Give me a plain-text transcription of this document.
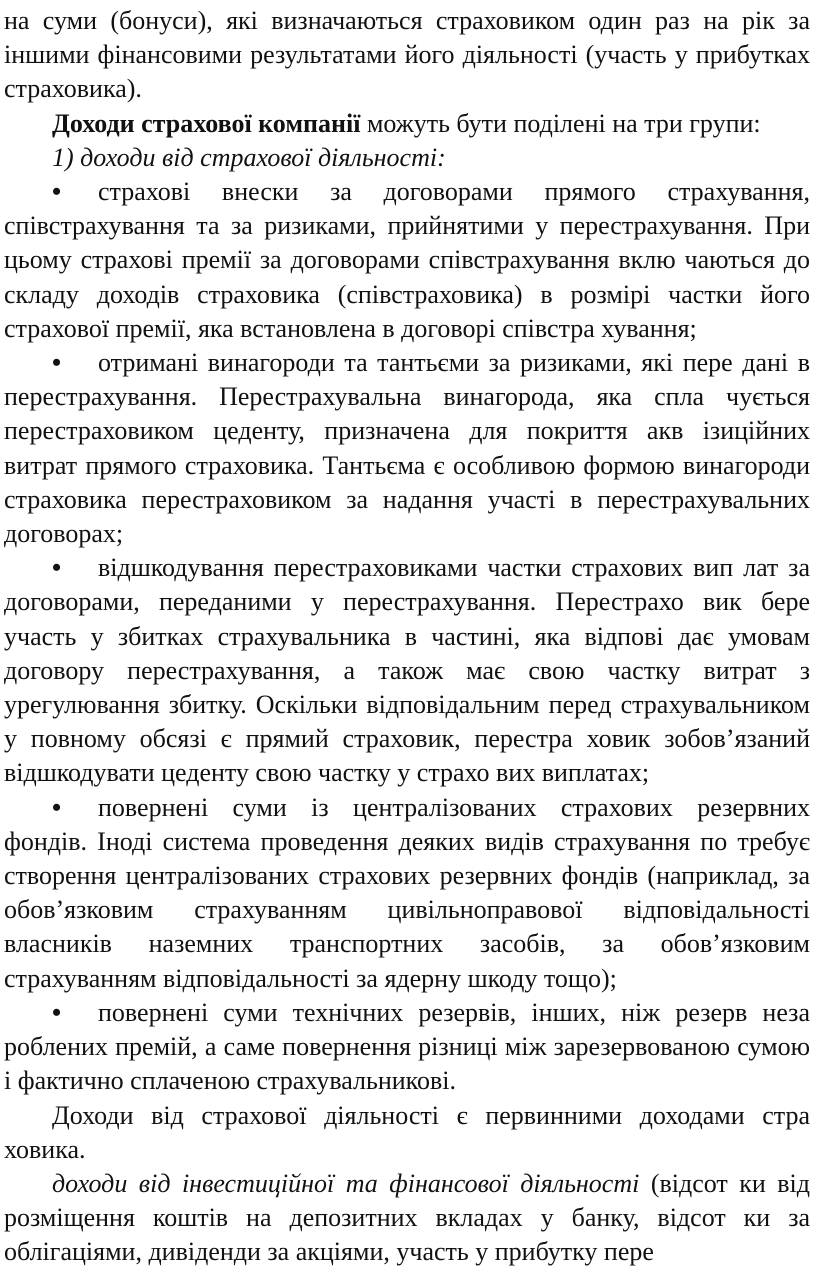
на суми (бонуси), які визначаються страховиком один раз на рік за іншими фінансовими результатами його діяльності (участь у прибутках страховика).

Доходи страхової компанії можуть бути поділені на три групи:

1) доходи від страхової діяльності:

• страхові внески за договорами прямого страхування, співстрахування та за ризиками, прийнятими у перестрахування. При цьому страхові премії за договорами співстрахування вклю чаються до складу доходів страховика (співстраховика) в розмірі частки його страхової премії, яка встановлена в договорі співстра хування;

• отримані винагороди та тантьєми за ризиками, які пере дані в перестрахування. Перестрахувальна винагорода, яка спла чується перестраховиком цеденту, призначена для покриття акв ізиційних витрат прямого страховика. Тантьєма є особливою формою винагороди страховика перестраховиком за надання участі в перестрахувальних договорах;

• відшкодування перестраховиками частки страхових вип лат за договорами, переданими у перестрахування. Перестрахо вик бере участь у збитках страхувальника в частині, яка відпові дає умовам договору перестрахування, а також має свою частку витрат з урегулювання збитку. Оскільки відповідальним перед страхувальником у повному обсязі є прямий страховик, перестра ховик зобов’язаний відшкодувати цеденту свою частку у страхо вих виплатах;

• повернені суми із централізованих страхових резервних фондів. Іноді система проведення деяких видів страхування по требує створення централізованих страхових резервних фондів (наприклад, за обов’язковим страхуванням цивільноправової відповідальності власників наземних транспортних засобів, за обов’язковим страхуванням відповідальності за ядерну шкоду тощо);

• повернені суми технічних резервів, інших, ніж резерв неза роблених премій, а саме повернення різниці між зарезервованою сумою і фактично сплаченою страхувальникові.

Доходи від страхової діяльності є первинними доходами стра ховика.

доходи від інвестиційної та фінансової діяльності (відсот ки від розміщення коштів на депозитних вкладах у банку, відсот ки за облігаціями, дивіденди за акціями, участь у прибутку пере
